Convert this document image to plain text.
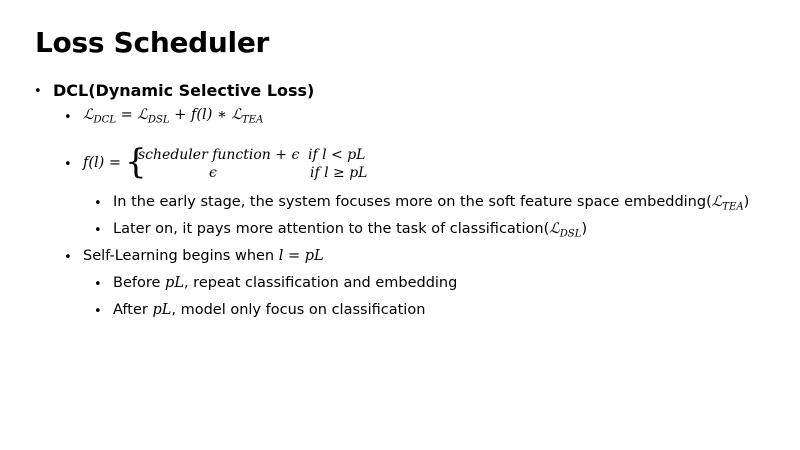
Loss Scheduler
• DCL(Dynamic Selective Loss)
• ℒ$_{DCL}$ = ℒ$_{DSL}$ + f(l) ∗ ℒ$_{TEA}$
• f(l) = {
scheduler function + ϵ if l < pL
ϵ	if l ≥ pL
• In the early stage, the system focuses more on the soft feature space embedding(ℒ$_{TEA}$)
• Later on, it pays more attention to the task of classification(ℒ$_{DSL}$)
• Self-Learning begins when l = pL
• Before pL, repeat classification and embedding
• After pL, model only focus on classification
